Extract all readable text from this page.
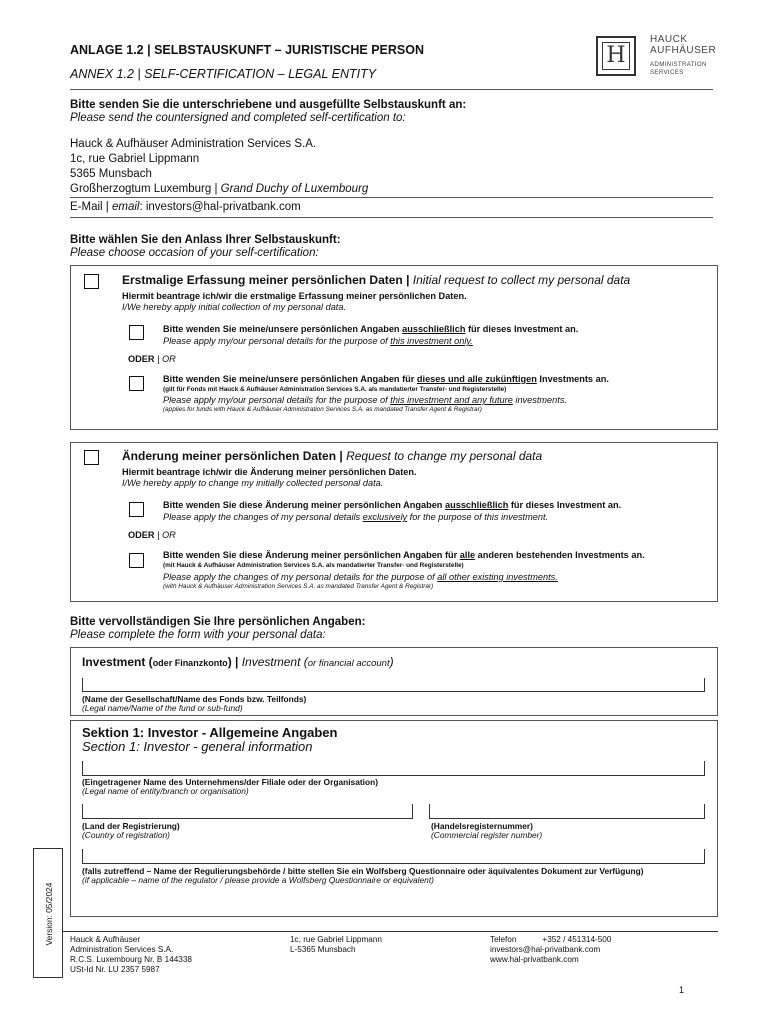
ANLAGE 1.2 | SELBSTAUSKUNFT – JURISTISCHE PERSON
ANNEX 1.2 | SELF-CERTIFICATION – LEGAL ENTITY
H
HAUCK
AUFHÄUSER
ADMINISTRATION
SERVICES
Bitte senden Sie die unterschriebene und ausgefüllte Selbstauskunft an:
Please send the countersigned and completed self-certification to:
Hauck & Aufhäuser Administration Services S.A.
1c, rue Gabriel Lippmann
5365 Munsbach
Großherzogtum Luxemburg | Grand Duchy of Luxembourg
E-Mail | email: investors@hal-privatbank.com
Bitte wählen Sie den Anlass Ihrer Selbstauskunft:
Please choose occasion of your self-certification:
Erstmalige Erfassung meiner persönlichen Daten | Initial request to collect my personal data
Hiermit beantrage ich/wir die erstmalige Erfassung meiner persönlichen Daten.
I/We hereby apply initial collection of my personal data.
Bitte wenden Sie meine/unsere persönlichen Angaben ausschließlich für dieses Investment an.
Please apply my/our personal details for the purpose of this investment only.
ODER | OR
Bitte wenden Sie meine/unsere persönlichen Angaben für dieses und alle zukünftigen Investments an.
(gilt für Fonds mit Hauck & Aufhäuser Administration Services S.A. als mandatierter Transfer- und Registerstelle)
Please apply my/our personal details for the purpose of this investment and any future investments.
(applies for funds with Hauck & Aufhäuser Administration Services S.A. as mandated Transfer Agent & Registrar)
Änderung meiner persönlichen Daten | Request to change my personal data
Hiermit beantrage ich/wir die Änderung meiner persönlichen Daten.
I/We hereby apply to change my initially collected personal data.
Bitte wenden Sie diese Änderung meiner persönlichen Angaben ausschließlich für dieses Investment an.
Please apply the changes of my personal details exclusively for the purpose of this investment.
ODER | OR
Bitte wenden Sie diese Änderung meiner persönlichen Angaben für alle anderen bestehenden Investments an.
(mit Hauck & Aufhäuser Administration Services S.A. als mandatierter Transfer- und Registerstelle)
Please apply the changes of my personal details for the purpose of all other existing investments.
(with Hauck & Aufhäuser Administration Services S.A. as mandated Transfer Agent & Registrar)
Bitte vervollständigen Sie Ihre persönlichen Angaben:
Please complete the form with your personal data:
Investment (oder Finanzkonto) | Investment (or financial account)
(Name der Gesellschaft/Name des Fonds bzw. Teilfonds)
(Legal name/Name of the fund or sub-fund)
Sektion 1: Investor - Allgemeine Angaben
Section 1: Investor - general information
(Eingetragener Name des Unternehmens/der Filiale oder der Organisation)
(Legal name of entity/branch or organisation)
(Land der Registrierung)
(Country of registration)
(Handelsregisternummer)
(Commercial register number)
(falls zutreffend – Name der Regulierungsbehörde / bitte stellen Sie ein Wolfsberg Questionnaire oder äquivalentes Dokument zur Verfügung)
(if applicable – name of the regulator / please provide a Wolfsberg Questionnaire or equivalent)
Version: 05/2024 Hauck & Aufhäuser
Administration Services S.A.
R.C.S. Luxembourg Nr. B 144338
USt-Id Nr. LU 2357 5987
1c, rue Gabriel Lippmann
L-5365 Munsbach
Telefon	+352 / 451314-500
investors@hal-privatbank.com
www.hal-privatbank.com
1
